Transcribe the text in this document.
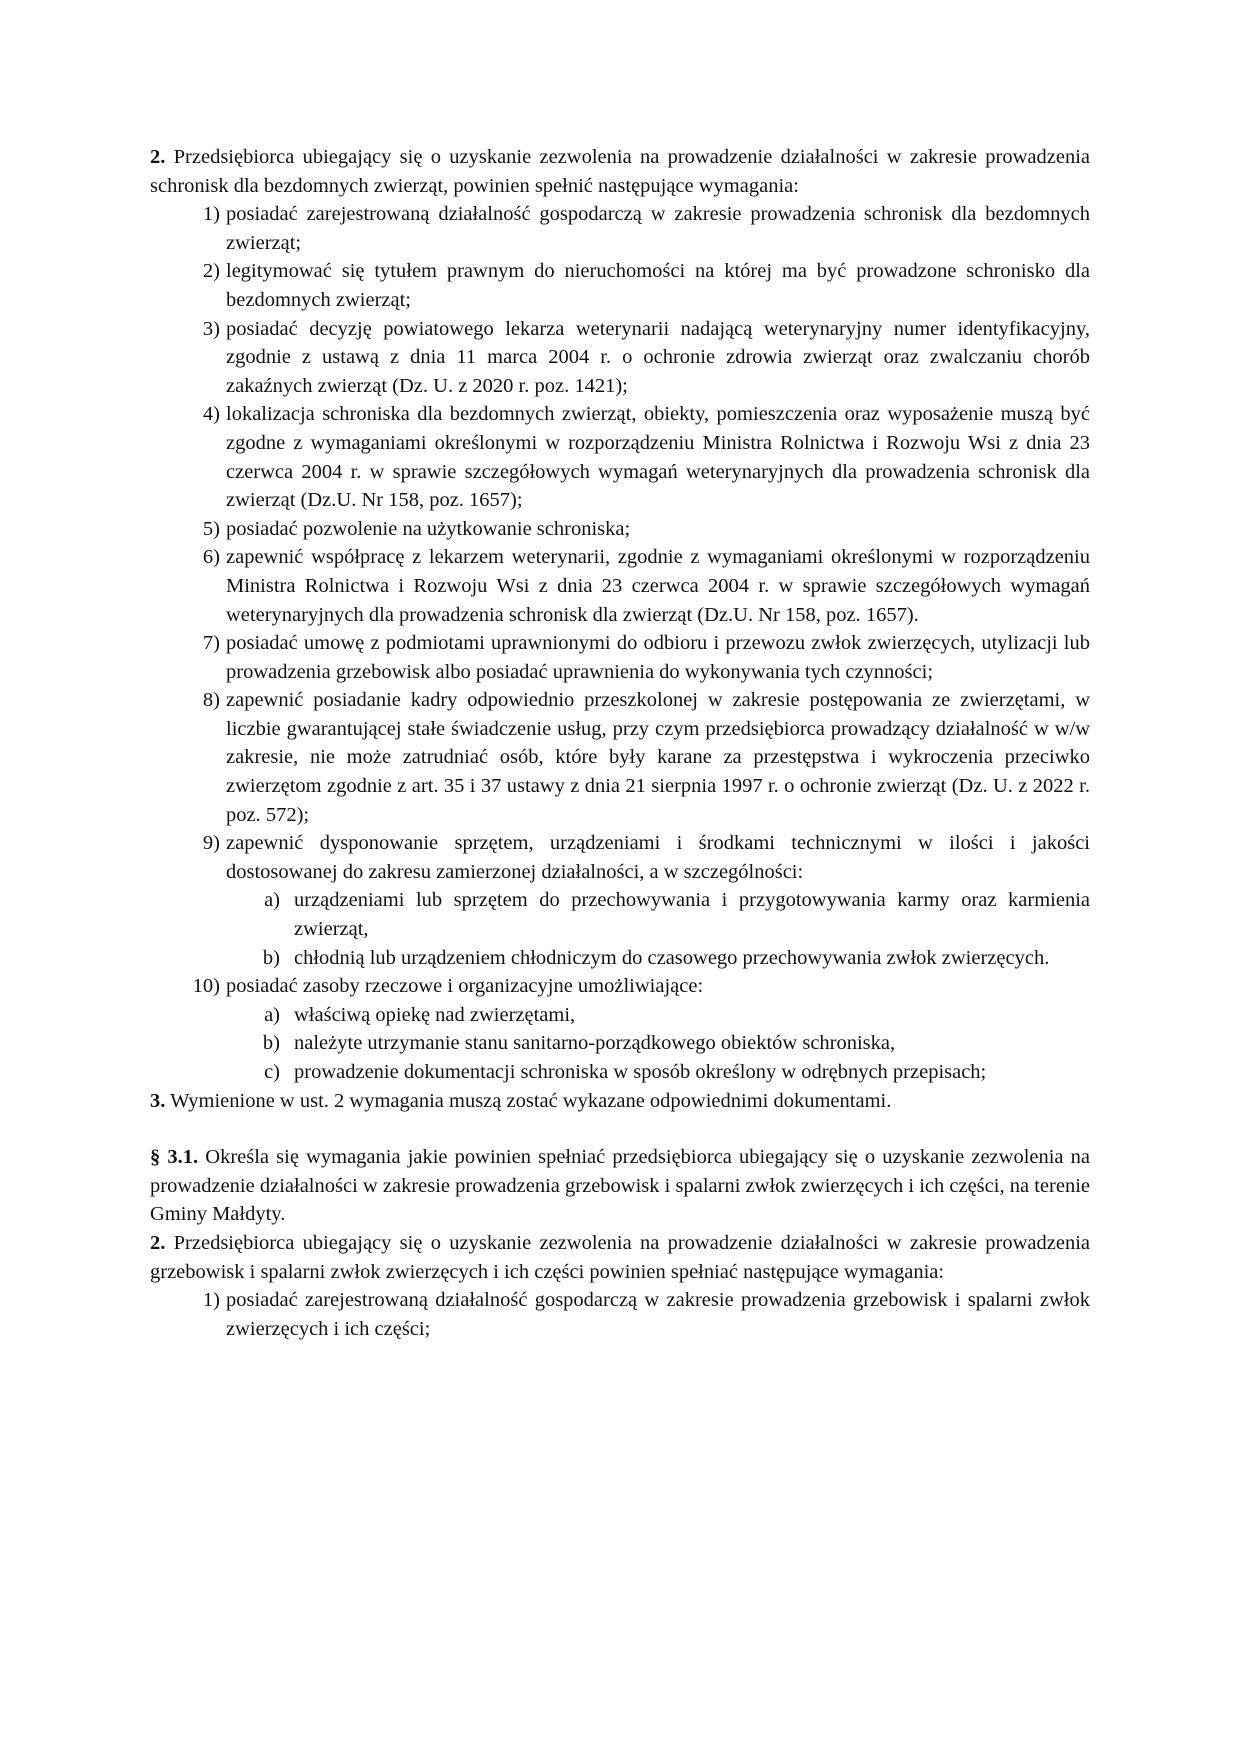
2. Przedsiębiorca ubiegający się o uzyskanie zezwolenia na prowadzenie działalności w zakresie prowadzenia schronisk dla bezdomnych zwierząt, powinien spełnić następujące wymagania:
1) posiadać zarejestrowaną działalność gospodarczą w zakresie prowadzenia schronisk dla bezdomnych zwierząt;
2) legitymować się tytułem prawnym do nieruchomości na której ma być prowadzone schronisko dla bezdomnych zwierząt;
3) posiadać decyzję powiatowego lekarza weterynarii nadającą weterynaryjny numer identyfikacyjny, zgodnie z ustawą z dnia 11 marca 2004 r. o ochronie zdrowia zwierząt oraz zwalczaniu chorób zakaźnych zwierząt (Dz. U. z 2020 r. poz. 1421);
4) lokalizacja schroniska dla bezdomnych zwierząt, obiekty, pomieszczenia oraz wyposażenie muszą być zgodne z wymaganiami określonymi w rozporządzeniu Ministra Rolnictwa i Rozwoju Wsi z dnia 23 czerwca 2004 r. w sprawie szczegółowych wymagań weterynaryjnych dla prowadzenia schronisk dla zwierząt (Dz.U. Nr 158, poz. 1657);
5) posiadać pozwolenie na użytkowanie schroniska;
6) zapewnić współpracę z lekarzem weterynarii, zgodnie z wymaganiami określonymi w rozporządzeniu Ministra Rolnictwa i Rozwoju Wsi z dnia 23 czerwca 2004 r. w sprawie szczegółowych wymagań weterynaryjnych dla prowadzenia schronisk dla zwierząt (Dz.U. Nr 158, poz. 1657).
7) posiadać umowę z podmiotami uprawnionymi do odbioru i przewozu zwłok zwierzęcych, utylizacji lub prowadzenia grzebowisk albo posiadać uprawnienia do wykonywania tych czynności;
8) zapewnić posiadanie kadry odpowiednio przeszkolonej w zakresie postępowania ze zwierzętami, w liczbie gwarantującej stałe świadczenie usług, przy czym przedsiębiorca prowadzący działalność w w/w zakresie, nie może zatrudniać osób, które były karane za przestępstwa i wykroczenia przeciwko zwierzętom zgodnie z art. 35 i 37 ustawy z dnia 21 sierpnia 1997 r. o ochronie zwierząt (Dz. U. z 2022 r. poz. 572);
9) zapewnić dysponowanie sprzętem, urządzeniami i środkami technicznymi w ilości i jakości dostosowanej do zakresu zamierzonej działalności, a w szczególności:
a) urządzeniami lub sprzętem do przechowywania i przygotowywania karmy oraz karmienia zwierząt,
b) chłodnią lub urządzeniem chłodniczym do czasowego przechowywania zwłok zwierzęcych.
10) posiadać zasoby rzeczowe i organizacyjne umożliwiające:
a) właściwą opiekę nad zwierzętami,
b) należyte utrzymanie stanu sanitarno-porządkowego obiektów schroniska,
c) prowadzenie dokumentacji schroniska w sposób określony w odrębnych przepisach;
3. Wymienione w ust. 2 wymagania muszą zostać wykazane odpowiednimi dokumentami.
§ 3.1. Określa się wymagania jakie powinien spełniać przedsiębiorca ubiegający się o uzyskanie zezwolenia na prowadzenie działalności w zakresie prowadzenia grzebowisk i spalarni zwłok zwierzęcych i ich części, na terenie Gminy Małdyty.
2. Przedsiębiorca ubiegający się o uzyskanie zezwolenia na prowadzenie działalności w zakresie prowadzenia grzebowisk i spalarni zwłok zwierzęcych i ich części powinien spełniać następujące wymagania:
1) posiadać zarejestrowaną działalność gospodarczą w zakresie prowadzenia grzebowisk i spalarni zwłok zwierzęcych i ich części;
